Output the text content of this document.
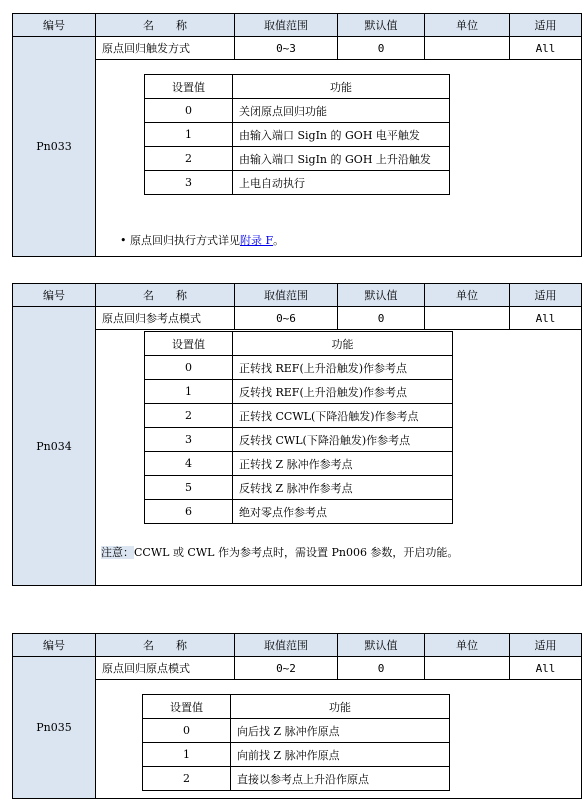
编号	名　　称	取值范围	默认值	单位	适用
Pn033	原点回归触发方式	0~3	0		All

设置值	功能
0	关闭原点回归功能
1	由输入端口 SigIn 的 GOH 电平触发
2	由输入端口 SigIn 的 GOH 上升沿触发
3	上电自动执行
• 原点回归执行方式详见附录 F。
编号	名　　称	取值范围	默认值	单位	适用
Pn034	原点回归参考点模式	0~6	0		All

设置值	功能
0	正转找 REF(上升沿触发)作参考点
1	反转找 REF(上升沿触发)作参考点
2	正转找 CCWL(下降沿触发)作参考点
3	反转找 CWL(下降沿触发)作参考点
4	正转找 Z 脉冲作参考点
5	反转找 Z 脉冲作参考点
6	绝对零点作参考点
注意：CCWL 或 CWL 作为参考点时，需设置 Pn006 参数，开启功能。
编号	名　　称	取值范围	默认值	单位	适用
Pn035	原点回归原点模式	0~2	0		All

设置值	功能
0	向后找 Z 脉冲作原点
1	向前找 Z 脉冲作原点
2	直接以参考点上升沿作原点
